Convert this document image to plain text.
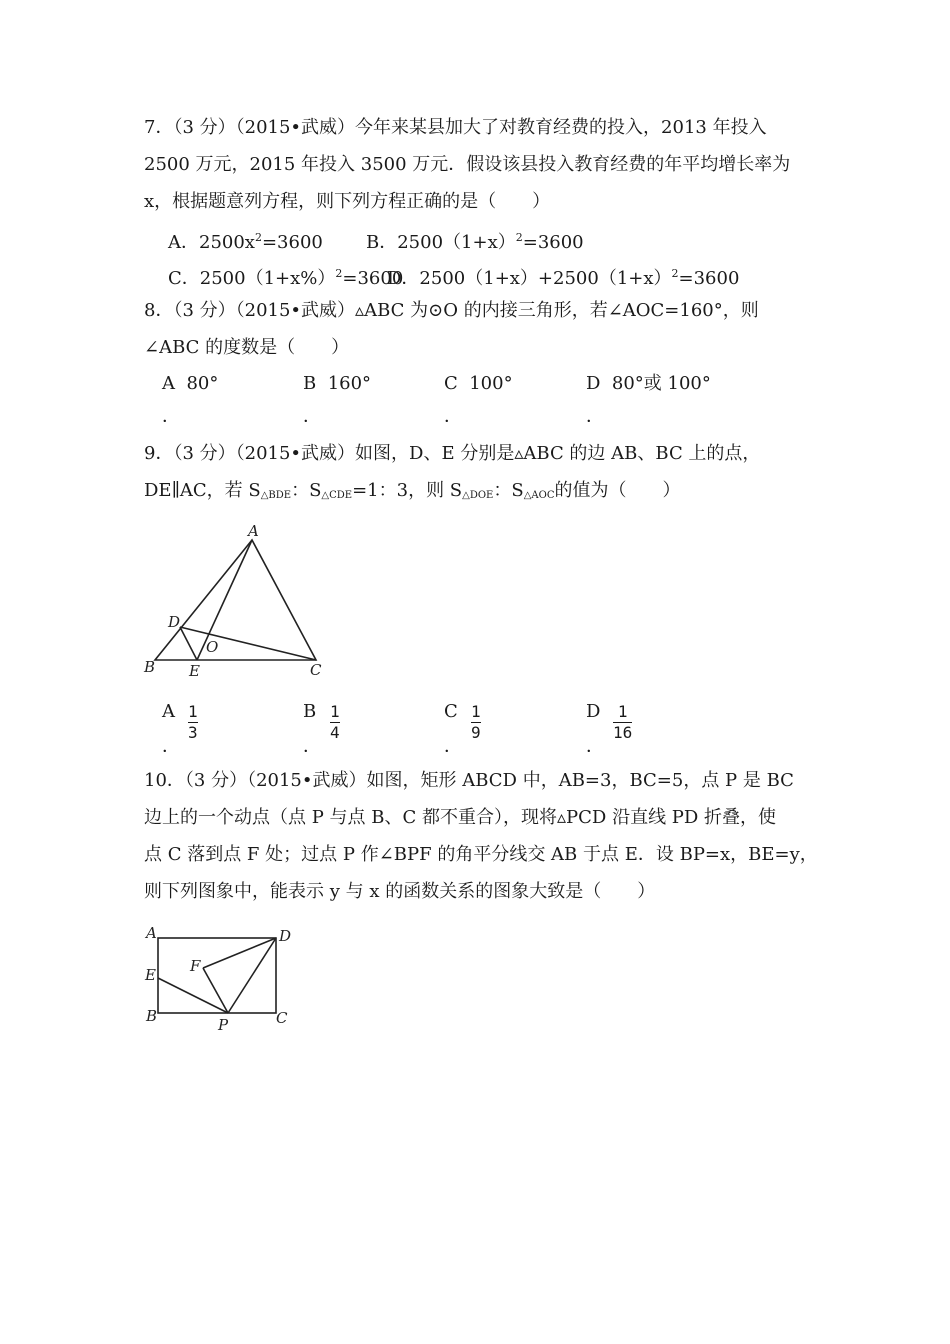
7．（3 分）（2015•武威）今年来某县加大了对教育经费的投入，2013 年投入
2500 万元，2015 年投入 3500 万元．假设该县投入教育经费的年平均增长率为
x，根据题意列方程，则下列方程正确的是（　　）
A．$2500x^2=3600$ B．$2500(1+x)^2=3600$
C．$2500(1+x\%)^2=3600$
D．$2500(1+x)+2500(1+x)^2=3600$
8．（3 分）（2015•武威）▵ABC 为⊙O 的内接三角形，若∠AOC=160°，则
∠ABC 的度数是（　　）
A 80°	B 160°	C 100°	D 80°或 100°
．	．	．	．
9．（3 分）（2015•武威）如图，D、E 分别是▵ABC 的边 AB、BC 上的点，
DE∥AC，若 $S_{\triangle BDE}$：$S_{\triangle CDE}=1$：3，则 $S_{\triangle DOE}$：$S_{\triangle AOC}$的值为（　　）
A
B	C
D
E
O
A 1
3
B 1
4
C 1
9
D 1
16
．	．	．	．
10．（3 分）（2015•武威）如图，矩形 ABCD 中，AB=3，BC=5，点 P 是 BC
边上的一个动点（点 P 与点 B、C 都不重合），现将▵PCD 沿直线 PD 折叠，使
点 C 落到点 F 处；过点 P 作∠BPF 的角平分线交 AB 于点 E．设 BP=x，BE=y，
则下列图象中，能表示 y 与 x 的函数关系的图象大致是（　　）
A
B	C
D
E F
P
